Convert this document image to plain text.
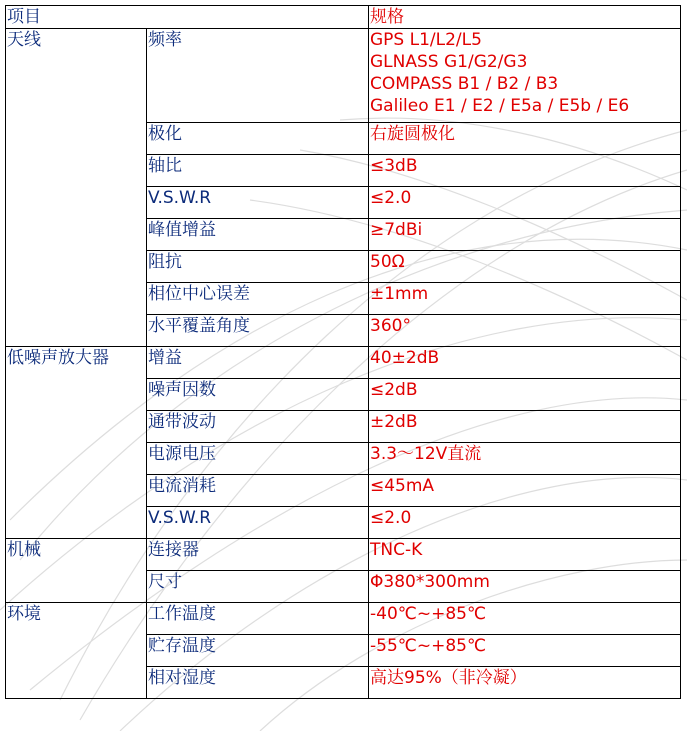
项目		规格
天线	频率	GPS L1/L2/L5
GLNASS G1/G2/G3
COMPASS B1 / B2 / B3
Galileo E1 / E2 / E5a / E5b / E6

	极化	右旋圆极化

	轴比	≤3dB

	V.S.W.R	≤2.0

	峰值增益	≥7dBi

	阻抗	50Ω

	相位中心误差	±1mm

	水平覆盖角度	360°

低噪声放大器	增益	40±2dB

	噪声因数	≤2dB

	通带波动	±2dB

	电源电压	3.3～12V直流

	电流消耗	≤45mA

	V.S.W.R	≤2.0

机械	连接器	TNC-K

	尺寸	Φ380*300mm

环境	工作温度	-40℃~+85℃

	贮存温度	-55℃~+85℃

	相对湿度	高达95%（非冷凝）
